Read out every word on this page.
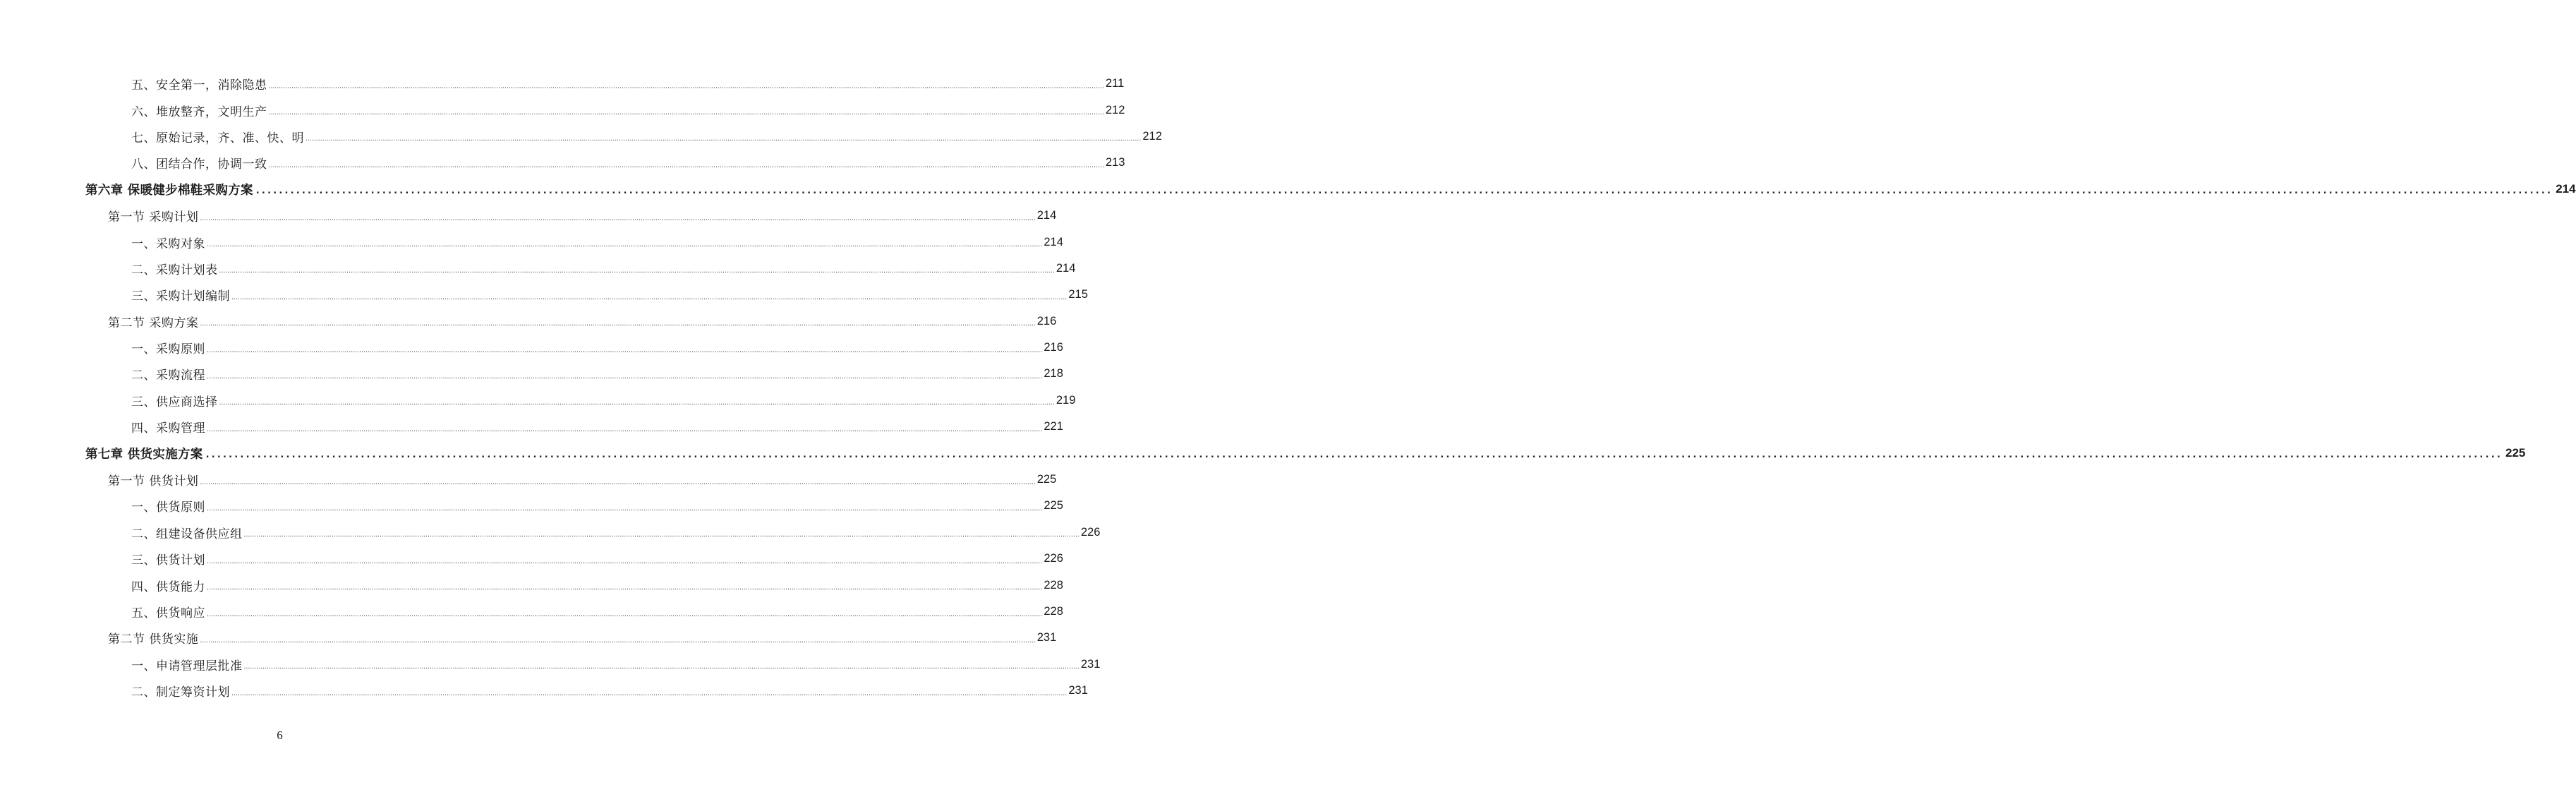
五、安全第一，消除隐患 ................................................................................................................................................................................................................................................................................................................................................................................................................ 211
六、堆放整齐，文明生产 ................................................................................................................................................................................................................................................................................................................................................................................................................ 212
七、原始记录，齐、准、快、明 ................................................................................................................................................................................................................................................................................................................................................................................................................ 212
八、团结合作，协调一致 ................................................................................................................................................................................................................................................................................................................................................................................................................ 213
第六章 保暖健步棉鞋采购方案 ................................................................................................................................................................................................................................................................................................................................................................................................................ 214
第一节 采购计划 ................................................................................................................................................................................................................................................................................................................................................................................................................ 214
一、采购对象 ................................................................................................................................................................................................................................................................................................................................................................................................................ 214
二、采购计划表 ................................................................................................................................................................................................................................................................................................................................................................................................................ 214
三、采购计划编制 ................................................................................................................................................................................................................................................................................................................................................................................................................ 215
第二节 采购方案 ................................................................................................................................................................................................................................................................................................................................................................................................................ 216
一、采购原则 ................................................................................................................................................................................................................................................................................................................................................................................................................ 216
二、采购流程 ................................................................................................................................................................................................................................................................................................................................................................................................................ 218
三、供应商选择 ................................................................................................................................................................................................................................................................................................................................................................................................................ 219
四、采购管理 ................................................................................................................................................................................................................................................................................................................................................................................................................ 221
第七章 供货实施方案 ................................................................................................................................................................................................................................................................................................................................................................................................................ 225
第一节 供货计划 ................................................................................................................................................................................................................................................................................................................................................................................................................ 225
一、供货原则 ................................................................................................................................................................................................................................................................................................................................................................................................................ 225
二、组建设备供应组 ................................................................................................................................................................................................................................................................................................................................................................................................................ 226
三、供货计划 ................................................................................................................................................................................................................................................................................................................................................................................................................ 226
四、供货能力 ................................................................................................................................................................................................................................................................................................................................................................................................................ 228
五、供货响应 ................................................................................................................................................................................................................................................................................................................................................................................................................ 228
第二节 供货实施 ................................................................................................................................................................................................................................................................................................................................................................................................................ 231
一、申请管理层批准 ................................................................................................................................................................................................................................................................................................................................................................................................................ 231
二、制定筹资计划 ................................................................................................................................................................................................................................................................................................................................................................................................................ 231
6
